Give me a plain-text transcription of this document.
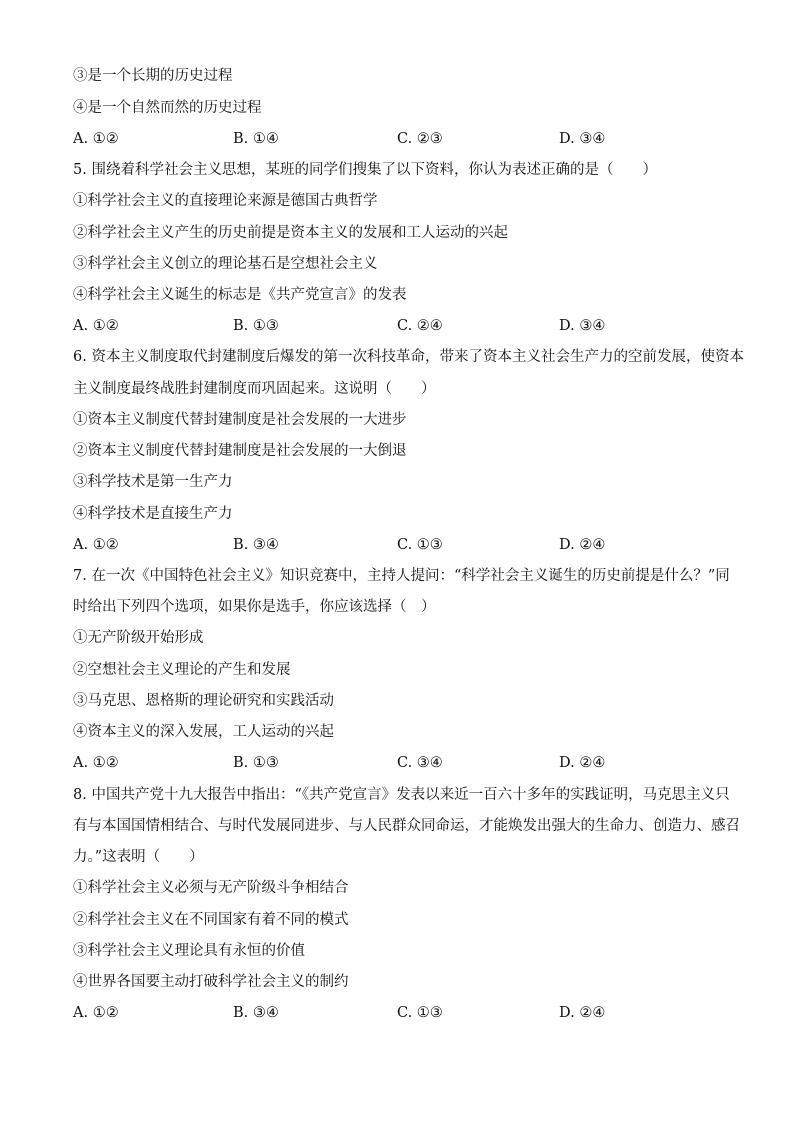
③是一个长期的历史过程
④是一个自然而然的历史过程
A. ①②	B. ①④	C. ②③	D. ③④
5. 围绕着科学社会主义思想，某班的同学们搜集了以下资料，你认为表述正确的是（　　）
①科学社会主义的直接理论来源是德国古典哲学
②科学社会主义产生的历史前提是资本主义的发展和工人运动的兴起
③科学社会主义创立的理论基石是空想社会主义
④科学社会主义诞生的标志是《共产党宣言》的发表
A. ①②	B. ①③	C. ②④	D. ③④
6. 资本主义制度取代封建制度后爆发的第一次科技革命，带来了资本主义社会生产力的空前发展，使资本
主义制度最终战胜封建制度而巩固起来。这说明（　　）
①资本主义制度代替封建制度是社会发展的一大进步
②资本主义制度代替封建制度是社会发展的一大倒退
③科学技术是第一生产力
④科学技术是直接生产力
A. ①②	B. ③④	C. ①③	D. ②④
7. 在一次《中国特色社会主义》知识竞赛中，主持人提问：“科学社会主义诞生的历史前提是什么？”同
时给出下列四个选项，如果你是选手，你应该选择（　）
①无产阶级开始形成
②空想社会主义理论的产生和发展
③马克思、恩格斯的理论研究和实践活动
④资本主义的深入发展，工人运动的兴起
A. ①②	B. ①③	C. ③④	D. ②④
8. 中国共产党十九大报告中指出：“《共产党宣言》发表以来近一百六十多年的实践证明，马克思主义只
有与本国国情相结合、与时代发展同进步、与人民群众同命运，才能焕发出强大的生命力、创造力、感召
力。”这表明（　　）
①科学社会主义必须与无产阶级斗争相结合
②科学社会主义在不同国家有着不同的模式
③科学社会主义理论具有永恒的价值
④世界各国要主动打破科学社会主义的制约
A. ①②	B. ③④	C. ①③	D. ②④
